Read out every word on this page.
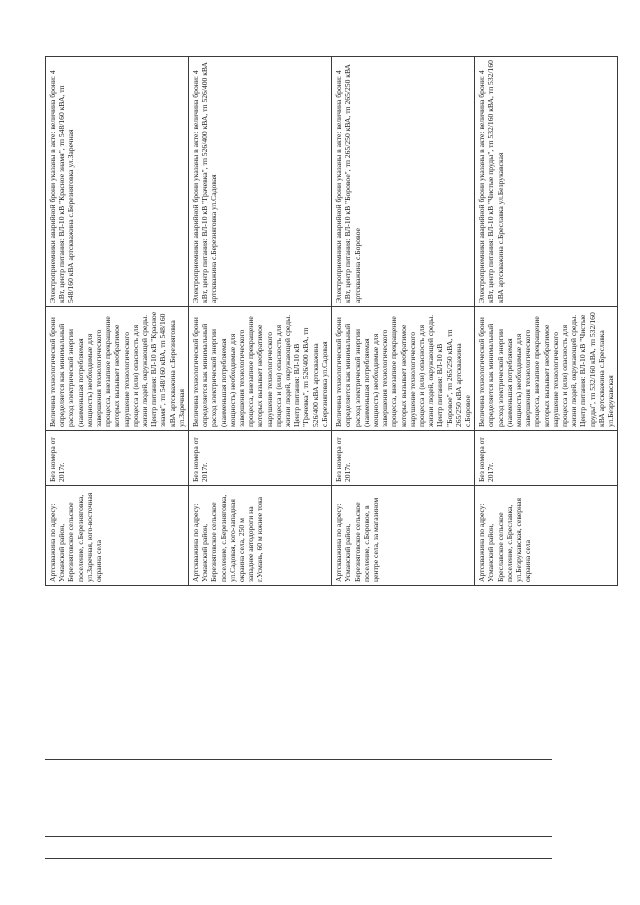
Артскважина по адресу: Усманский район, Березняговское сельское поселение, с.Березняговка, ул.Заречная, юго-восточная окраина села	Без номера от 2017г.	Величина технологической брони определяется как минимальный расход электрической энергии (наименьшая потребляемая мощность) необходимые для завершения технологического процесса, внезапное прекращение которых вызывает необратимое нарушение технологического процесса и (или) опасность для жизни людей, окружающей среды. Центр питания: ВЛ-10 кВ "Красное знамя", тп 548/160 кВА, тп 548/160 кВА артскважина с.Березняговка ул.Заречная	Электроприемники аварийной брони указаны в акте: величина брони: 4 кВт, центр питания: ВЛ-10 кВ "Красное знамя", тп 548/160 кВА, тп 548/160 кВА артскважина с.Березняговка ул.Заречная
Артскважина по адресу: Усманский район, Березняговское сельское поселение, с.Березняговка, ул.Садовая, юго-западная окраина села, 250 м западнее автодороги на г.Усмань, 60 м южнее тока	Без номера от 2017г.	Величина технологической брони определяется как минимальный расход электрической энергии (наименьшая потребляемая мощность) необходимые для завершения технологического процесса, внезапное прекращение которых вызывает необратимое нарушение технологического процесса и (или) опасность для жизни людей, окружающей среды. Центр питания: ВЛ-10 кВ "Грачевка", тп 526/400 кВА, тп 526/400 кВА артскважина с.Березняговка ул.Садовая	Электроприемники аварийной брони указаны в акте: величина брони: 4 кВт, центр питания: ВЛ-10 кВ "Грачевка", тп 526/400 кВА, тп 526/400 кВА артскважина с.Березняговка ул.Садовая
Артскважина по адресу: Усманский район, Березняговское сельское поселение, с.Боровое, в центре села, за магазином	Без номера от 2017г.	Величина технологической брони определяется как минимальный расход электрической энергии (наименьшая потребляемая мощность) необходимые для завершения технологического процесса, внезапное прекращение которых вызывает необратимое нарушение технологического процесса и (или) опасность для жизни людей, окружающей среды. Центр питания: ВЛ-10 кВ "Боровое", тп 265/250 кВА, тп 265/250 кВА артскважина с.Боровое	Электроприемники аварийной брони указаны в акте: величина брони: 4 кВт, центр питания: ВЛ-10 кВ "Боровое", тп 265/250 кВА, тп 265/250 кВА артскважина с.Боровое
Артскважина по адресу: Усманский район, Бреславское сельское поселение, с.Бреславка, ул.Безрукавская, северная окраина села	Без номера от 2017г.	Величина технологической брони определяется как минимальный расход электрической энергии (наименьшая потребляемая мощность) необходимые для завершения технологического процесса, внезапное прекращение которых вызывает необратимое нарушение технологического процесса и (или) опасность для жизни людей, окружающей среды. Центр питания: ВЛ-10 кВ "Чистые пруды", тп 532/160 кВА, тп 532/160 кВА артскважина с.Бреславка ул.Безрукавская	Электроприемники аварийной брони указаны в акте: величина брони: 4 кВт, центр питания: ВЛ-10 кВ "Чистые пруды", тп 532/160 кВА, тп 532/160 кВА артскважина с.Бреславка ул.Безрукавская
